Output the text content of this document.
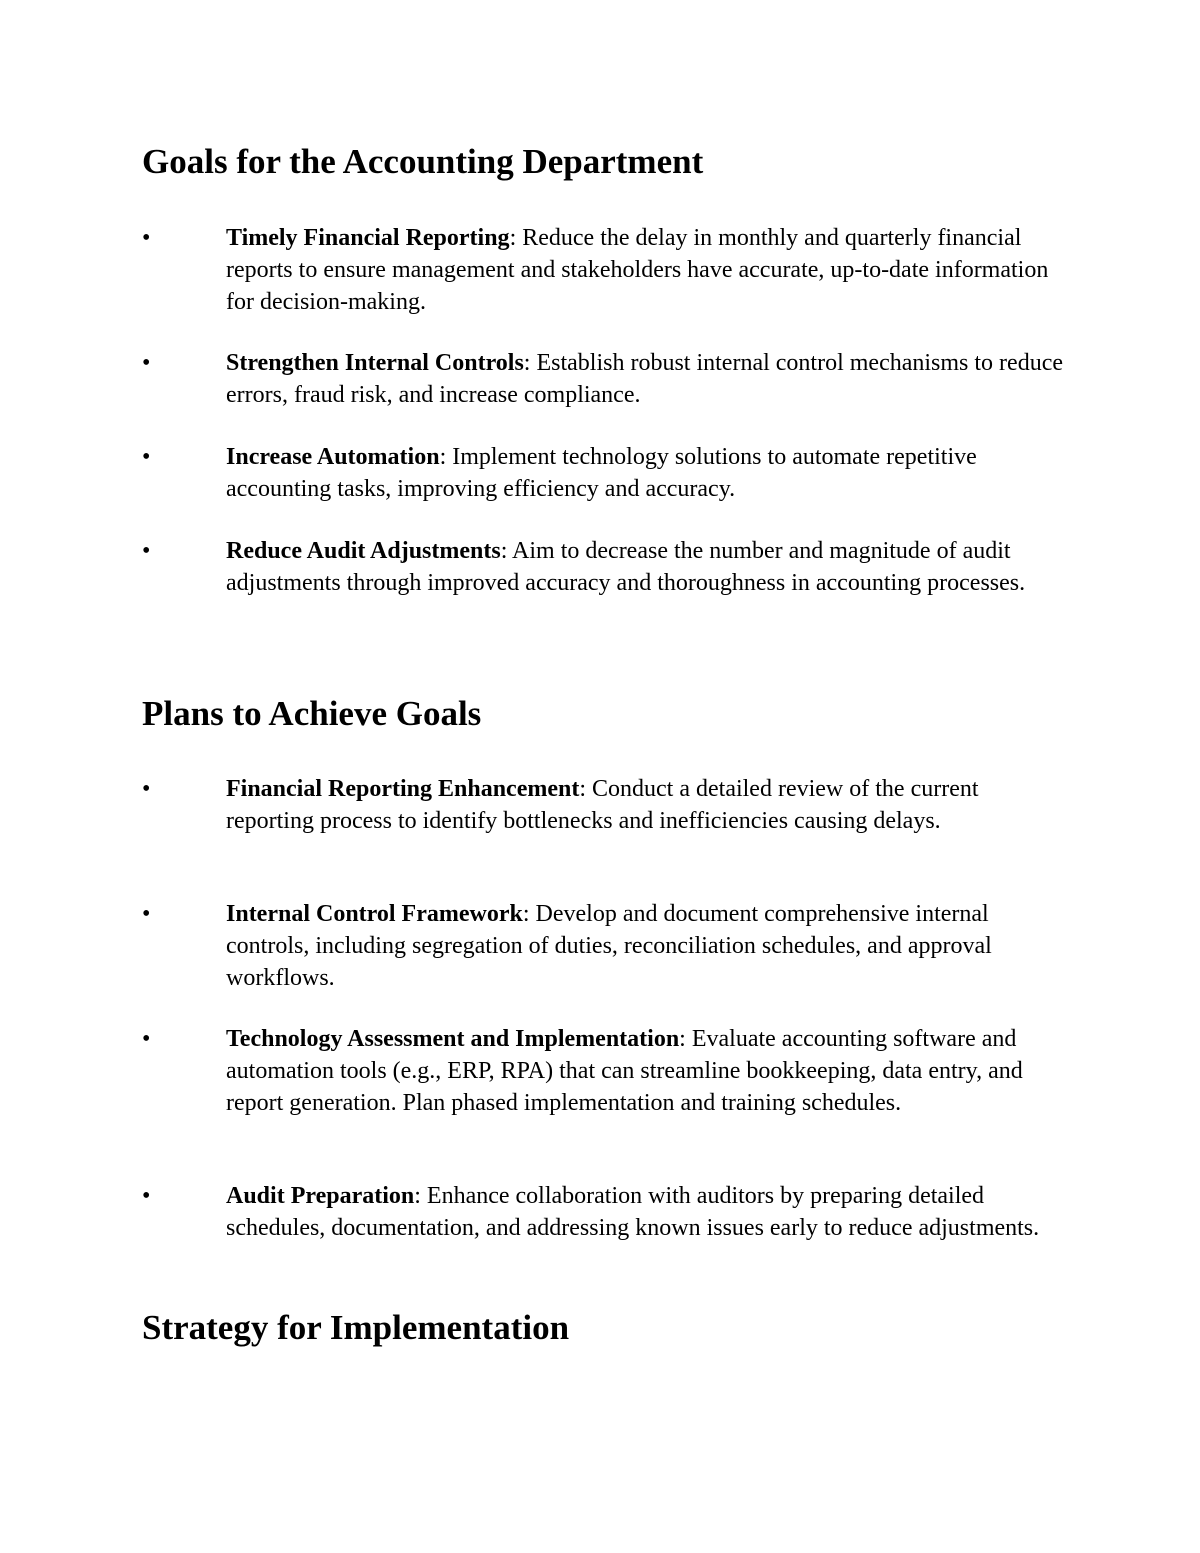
Goals for the Accounting Department
•	Timely Financial Reporting: Reduce the delay in monthly and quarterly financial reports to ensure management and stakeholders have accurate, up-to-date information for decision-making.
•	Strengthen Internal Controls: Establish robust internal control mechanisms to reduce errors, fraud risk, and increase compliance.
•	Increase Automation: Implement technology solutions to automate repetitive accounting tasks, improving efficiency and accuracy.
•	Reduce Audit Adjustments: Aim to decrease the number and magnitude of audit adjustments through improved accuracy and thoroughness in accounting processes.
Plans to Achieve Goals
•	Financial Reporting Enhancement: Conduct a detailed review of the current reporting process to identify bottlenecks and inefficiencies causing delays.
•	Internal Control Framework: Develop and document comprehensive internal controls, including segregation of duties, reconciliation schedules, and approval workflows.
•	Technology Assessment and Implementation: Evaluate accounting software and automation tools (e.g., ERP, RPA) that can streamline bookkeeping, data entry, and report generation. Plan phased implementation and training schedules.
•	Audit Preparation: Enhance collaboration with auditors by preparing detailed schedules, documentation, and addressing known issues early to reduce adjustments.
Strategy for Implementation
